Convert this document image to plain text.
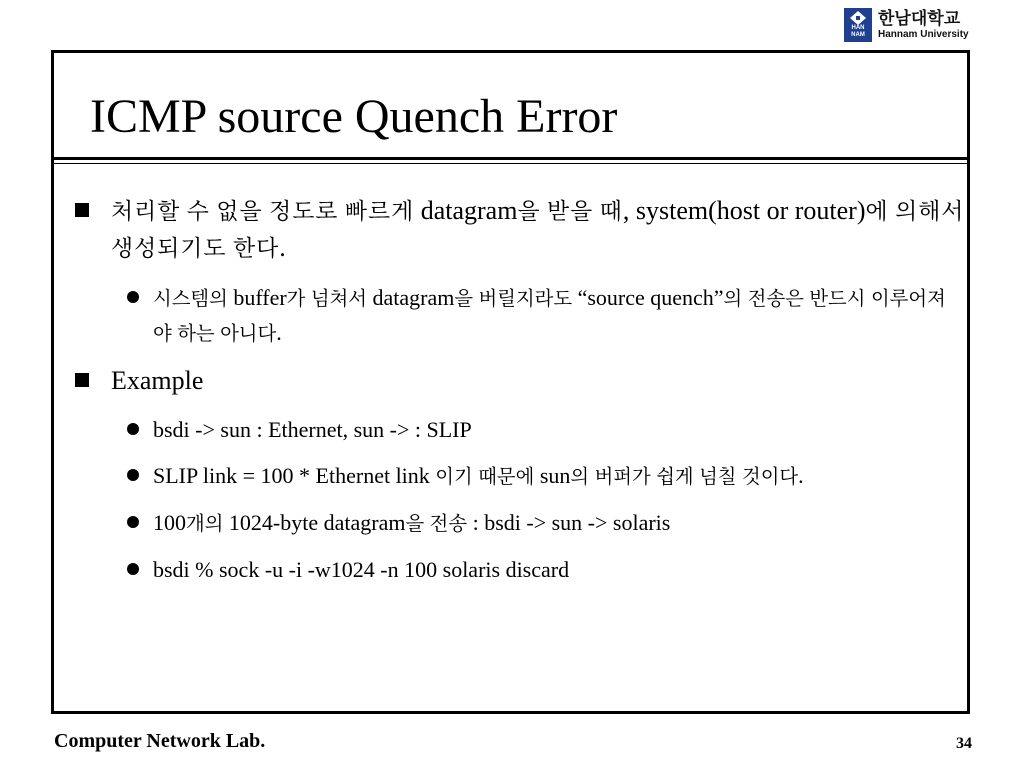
HAN NAM
한남대학교
Hannam University
ICMP source Quench Error
처리할 수 없을 정도로 빠르게 datagram을 받을 때, system(host or router)에 의해서 생성되기도 한다.
시스템의 buffer가 넘쳐서 datagram을 버릴지라도 “source quench”의 전송은 반드시 이루어져야 하는 아니다.
Example
bsdi -> sun : Ethernet, sun -> : SLIP
SLIP link = 100 * Ethernet link 이기 때문에 sun의 버퍼가 쉽게 넘칠 것이다.
100개의 1024-byte datagram을 전송 : bsdi -> sun -> solaris
bsdi % sock -u -i -w1024 -n 100 solaris discard
Computer Network Lab.	34
